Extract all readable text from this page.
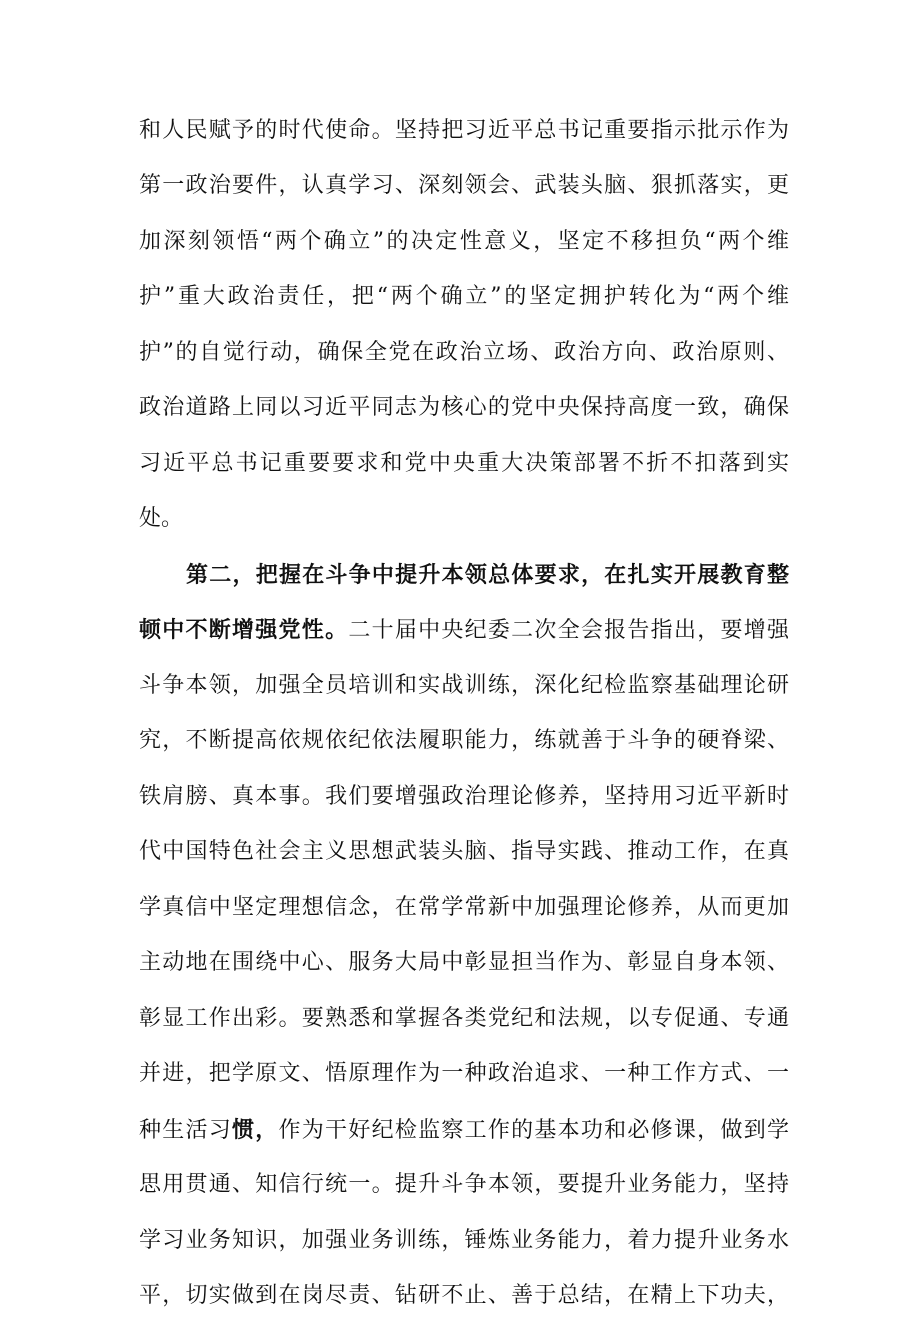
和人民赋予的时代使命。坚持把习近平总书记重要指示批示作为
第一政治要件，认真学习、深刻领会、武装头脑、狠抓落实，更
加深刻领悟“两个确立”的决定性意义，坚定不移担负“两个维
护”重大政治责任，把“两个确立”的坚定拥护转化为“两个维
护”的自觉行动，确保全党在政治立场、政治方向、政治原则、
政治道路上同以习近平同志为核心的党中央保持高度一致，确保
习近平总书记重要要求和党中央重大决策部署不折不扣落到实
处。
第二，把握在斗争中提升本领总体要求，在扎实开展教育整
顿中不断增强党性。二十届中央纪委二次全会报告指出，要增强
斗争本领，加强全员培训和实战训练，深化纪检监察基础理论研
究，不断提高依规依纪依法履职能力，练就善于斗争的硬脊梁、
铁肩膀、真本事。我们要增强政治理论修养，坚持用习近平新时
代中国特色社会主义思想武装头脑、指导实践、推动工作，在真
学真信中坚定理想信念，在常学常新中加强理论修养，从而更加
主动地在围绕中心、服务大局中彰显担当作为、彰显自身本领、
彰显工作出彩。要熟悉和掌握各类党纪和法规，以专促通、专通
并进，把学原文、悟原理作为一种政治追求、一种工作方式、一
种生活习惯，作为干好纪检监察工作的基本功和必修课，做到学
思用贯通、知信行统一。提升斗争本领，要提升业务能力，坚持
学习业务知识，加强业务训练，锤炼业务能力，着力提升业务水
平，切实做到在岗尽责、钻研不止、善于总结，在精上下功夫，
